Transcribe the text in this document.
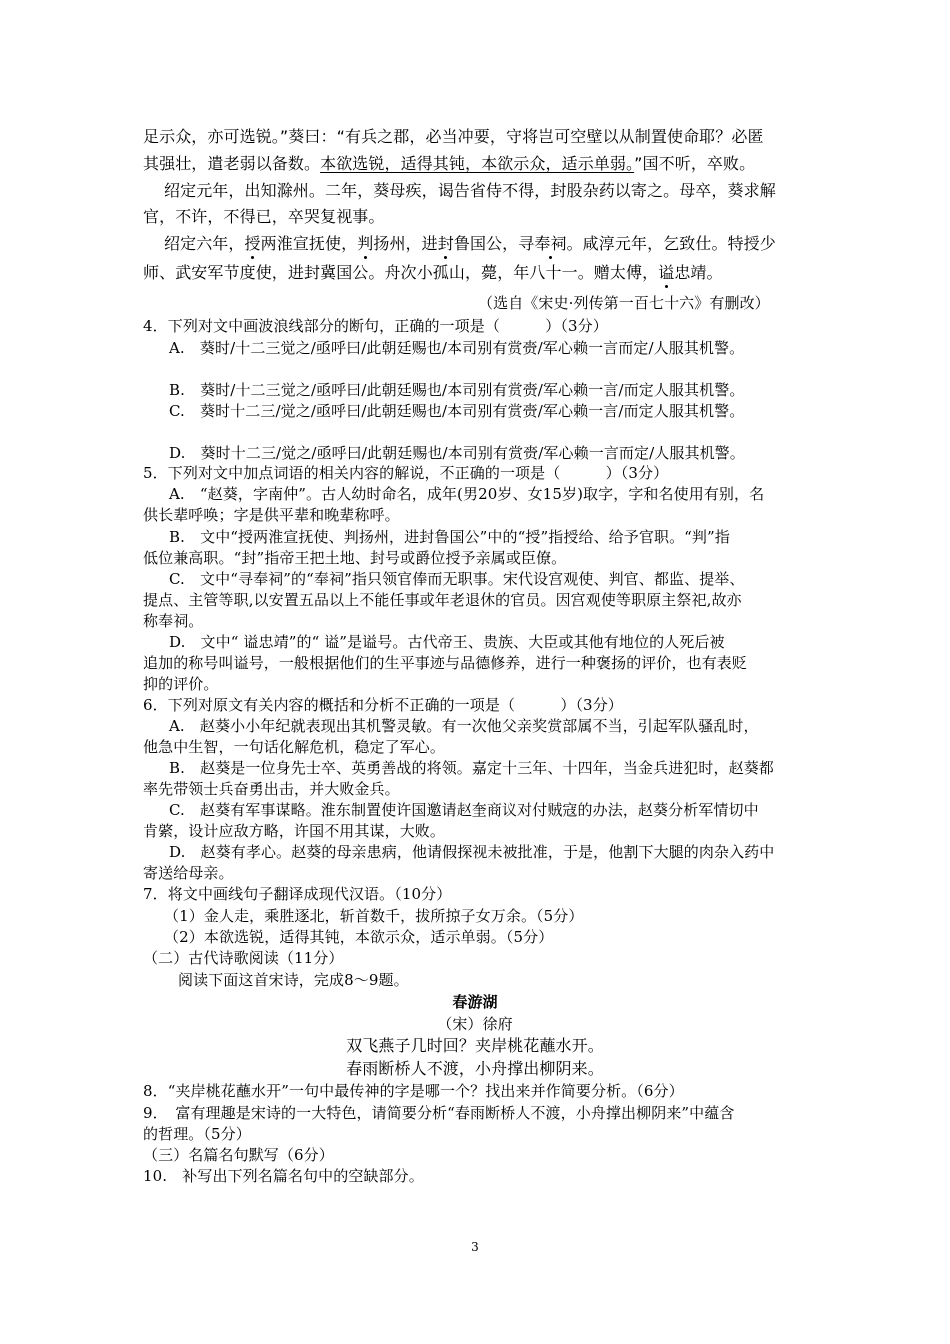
足示众，亦可选锐。”葵曰：“有兵之郡，必当冲要，守将岂可空壁以从制置使命耶？必匿
其强壮，遣老弱以备数。本欲选锐，适得其钝，本欲示众，适示单弱。”国不听，卒败。
绍定元年，出知滁州。二年，葵母疾，谒告省侍不得，封股杂药以寄之。母卒，葵求解
官，不许，不得已，卒哭复视事。
绍定六年，授两淮宣抚使，判扬州，进封鲁国公，寻奉祠。咸淳元年，乞致仕。特授少
师、武安军节度使，进封冀国公。舟次小孤山，薨，年八十一。赠太傅，谥忠靖。
（选自《宋史·列传第一百七十六》有删改）
4．下列对文中画波浪线部分的断句，正确的一项是（　　　）（3分）
A.　葵时/十二三觉之/亟呼曰/此朝廷赐也/本司别有赏赍/军心赖一言而定/人服其机警。
B.　葵时/十二三觉之/亟呼曰/此朝廷赐也/本司别有赏赍/军心赖一言/而定人服其机警。
C.　葵时十二三/觉之/亟呼曰/此朝廷赐也/本司别有赏赍/军心赖一言/而定人服其机警。
D.　葵时十二三/觉之/亟呼曰/此朝廷赐也/本司别有赏赍/军心赖一言而定/人服其机警。
5．下列对文中加点词语的相关内容的解说，不正确的一项是（　　　）（3分）
A.　“赵葵，字南仲”。古人幼时命名，成年(男20岁、女15岁)取字，字和名使用有别，名
供长辈呼唤；字是供平辈和晚辈称呼。
B.　文中“授两淮宣抚使、判扬州，进封鲁国公”中的“授”指授给、给予官职。“判”指
低位兼高职。“封”指帝王把土地、封号或爵位授予亲属或臣僚。
C.　文中“寻奉祠”的“奉祠”指只领官俸而无职事。宋代设宫观使、判官、都监、提举、
提点、主管等职,以安置五品以上不能任事或年老退休的官员。因宫观使等职原主祭祀,故亦
称奉祠。
D.　文中“ 谥忠靖”的“ 谥”是谥号。古代帝王、贵族、大臣或其他有地位的人死后被
追加的称号叫谥号，一般根据他们的生平事迹与品德修养，进行一种褒扬的评价，也有表贬
抑的评价。
6．下列对原文有关内容的概括和分析不正确的一项是（　　　）（3分）
A.　赵葵小小年纪就表现出其机警灵敏。有一次他父亲奖赏部属不当，引起军队骚乱时，
他急中生智，一句话化解危机，稳定了军心。
B.　赵葵是一位身先士卒、英勇善战的将领。嘉定十三年、十四年，当金兵进犯时，赵葵都
率先带领士兵奋勇出击，并大败金兵。
C.　赵葵有军事谋略。淮东制置使许国邀请赵奎商议对付贼寇的办法，赵葵分析军情切中
肯綮，设计应敌方略，许国不用其谋，大败。
D.　赵葵有孝心。赵葵的母亲患病，他请假探视未被批准，于是，他割下大腿的肉杂入药中
寄送给母亲。
7．将文中画线句子翻译成现代汉语。（10分）
（1）金人走，乘胜逐北，斩首数千，拔所掠子女万余。（5分）
（2）本欲选锐，适得其钝，本欲示众，适示单弱。（5分）
（二）古代诗歌阅读（11分）
阅读下面这首宋诗，完成8～9题。
春游湖
（宋）徐府
双飞燕子几时回？夹岸桃花蘸水开。
春雨断桥人不渡，小舟撑出柳阴来。
8．“夹岸桃花蘸水开”一句中最传神的字是哪一个？找出来并作简要分析。（6分）
9．　富有理趣是宋诗的一大特色，请简要分析“春雨断桥人不渡，小舟撑出柳阴来”中蕴含
的哲理。（5分）
（三）名篇名句默写（6分）
10.　补写出下列名篇名句中的空缺部分。
3
